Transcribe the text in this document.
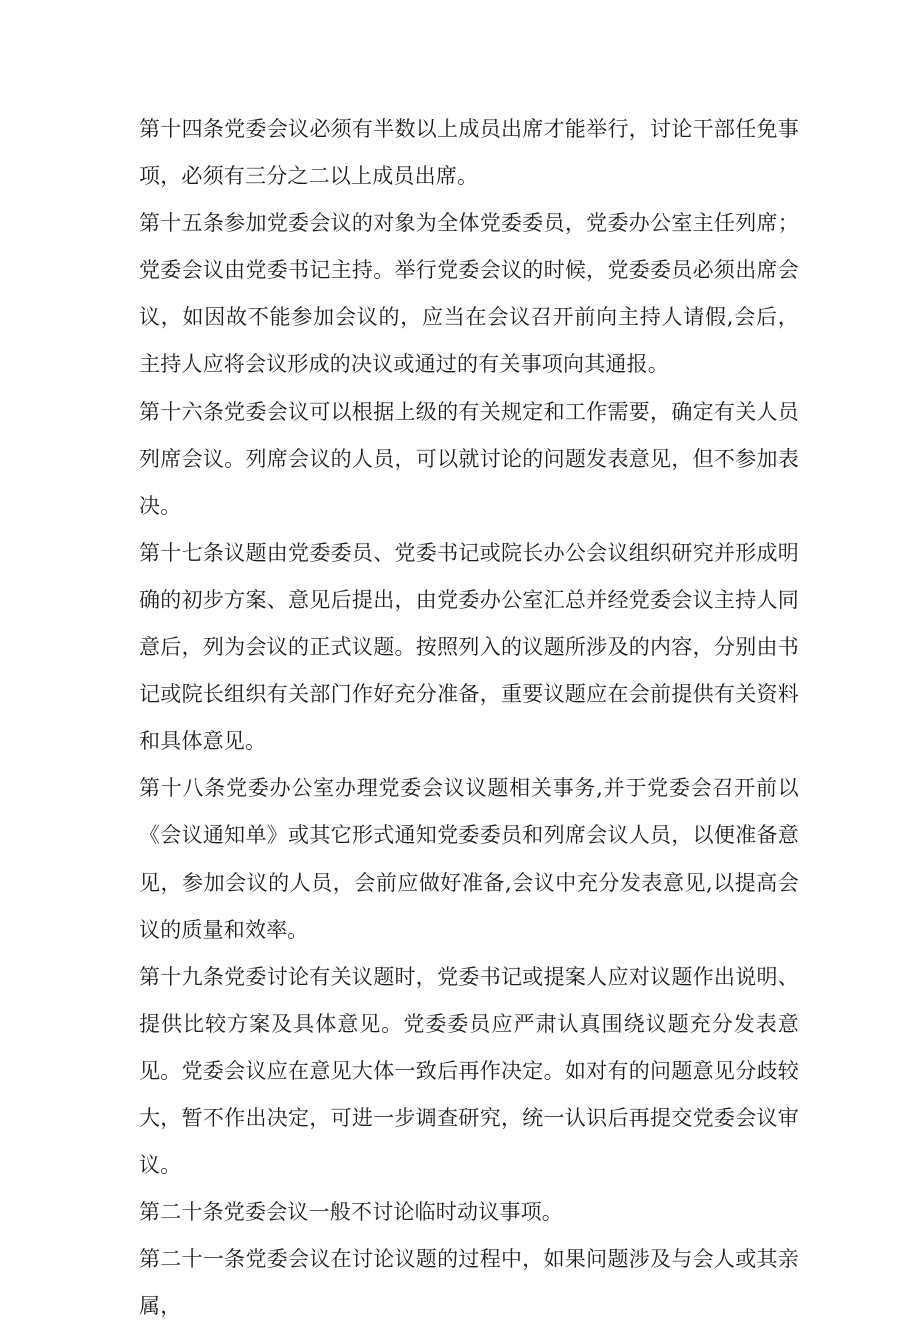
第十四条党委会议必须有半数以上成员出席才能举行，讨论干部任免事项，必须有三分之二以上成员出席。

第十五条参加党委会议的对象为全体党委委员，党委办公室主任列席；党委会议由党委书记主持。举行党委会议的时候，党委委员必须出席会议，如因故不能参加会议的，应当在会议召开前向主持人请假,会后，主持人应将会议形成的决议或通过的有关事项向其通报。

第十六条党委会议可以根据上级的有关规定和工作需要，确定有关人员列席会议。列席会议的人员，可以就讨论的问题发表意见，但不参加表决。

第十七条议题由党委委员、党委书记或院长办公会议组织研究并形成明确的初步方案、意见后提出，由党委办公室汇总并经党委会议主持人同意后，列为会议的正式议题。按照列入的议题所涉及的内容，分别由书记或院长组织有关部门作好充分准备，重要议题应在会前提供有关资料和具体意见。

第十八条党委办公室办理党委会议议题相关事务,并于党委会召开前以《会议通知单》或其它形式通知党委委员和列席会议人员，以便准备意见，参加会议的人员，会前应做好准备,会议中充分发表意见,以提高会议的质量和效率。

第十九条党委讨论有关议题时，党委书记或提案人应对议题作出说明、提供比较方案及具体意见。党委委员应严肃认真围绕议题充分发表意见。党委会议应在意见大体一致后再作决定。如对有的问题意见分歧较大，暂不作出决定，可进一步调查研究，统一认识后再提交党委会议审议。

第二十条党委会议一般不讨论临时动议事项。

第二十一条党委会议在讨论议题的过程中，如果问题涉及与会人或其亲属，
